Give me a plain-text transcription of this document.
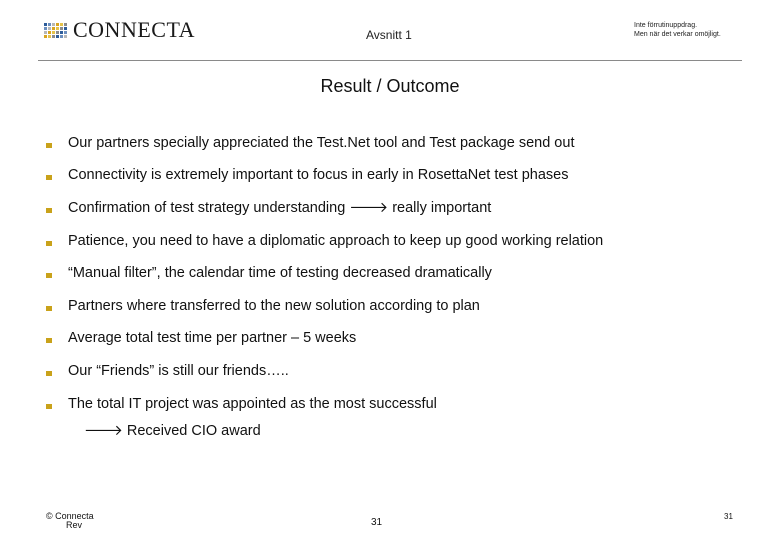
CONNECTA	Avsnitt 1
Inte förrutinuppdrag.
Men när det verkar omöjligt.
Result / Outcome
Our partners specially appreciated the Test.Net tool and Test package send out
Connectivity is extremely important to focus in early in RosettaNet test phases
Confirmation of test strategy understanding 🡒 really important
Patience, you need to have a diplomatic approach to keep up good working relation
“Manual filter”, the calendar time of testing decreased dramatically
Partners where transferred to the new solution according to plan
Average total test time per partner – 5 weeks
Our “Friends” is still our friends…..
The total IT project was appointed as the most successful
🡒 Received CIO award
© Connecta
Rev	31
31
